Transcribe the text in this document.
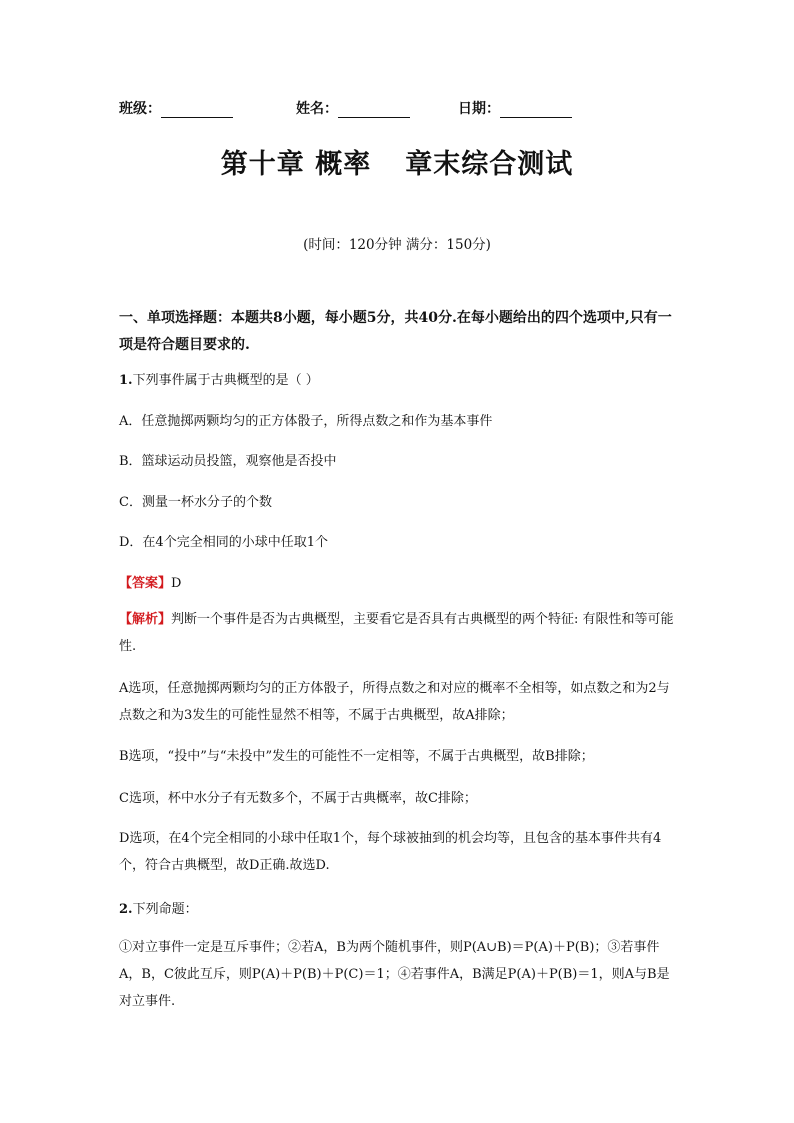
班级：	姓名：	日期：
第十章 概率 章末综合测试
(时间：120分钟 满分：150分)
一、单项选择题：本题共8小题，每小题5分，共40分.在每小题给出的四个选项中,只有一项是符合题目要求的.
1.下列事件属于古典概型的是（ ）
A．任意抛掷两颗均匀的正方体骰子，所得点数之和作为基本事件
B．篮球运动员投篮，观察他是否投中
C．测量一杯水分子的个数
D．在4个完全相同的小球中任取1个
【答案】D
【解析】判断一个事件是否为古典概型，主要看它是否具有古典概型的两个特征: 有限性和等可能性.
A选项，任意抛掷两颗均匀的正方体骰子，所得点数之和对应的概率不全相等，如点数之和为2与点数之和为3发生的可能性显然不相等，不属于古典概型，故A排除；
B选项，“投中”与“未投中”发生的可能性不一定相等，不属于古典概型，故B排除；
C选项，杯中水分子有无数多个，不属于古典概率，故C排除；
D选项，在4个完全相同的小球中任取1个，每个球被抽到的机会均等，且包含的基本事件共有4个，符合古典概型，故D正确.故选D.
2.下列命题：
①对立事件一定是互斥事件；②若A，B为两个随机事件，则P(A∪B)＝P(A)＋P(B)；③若事件A，B，C彼此互斥，则P(A)＋P(B)＋P(C)＝1；④若事件A，B满足P(A)＋P(B)＝1，则A与B是对立事件.
